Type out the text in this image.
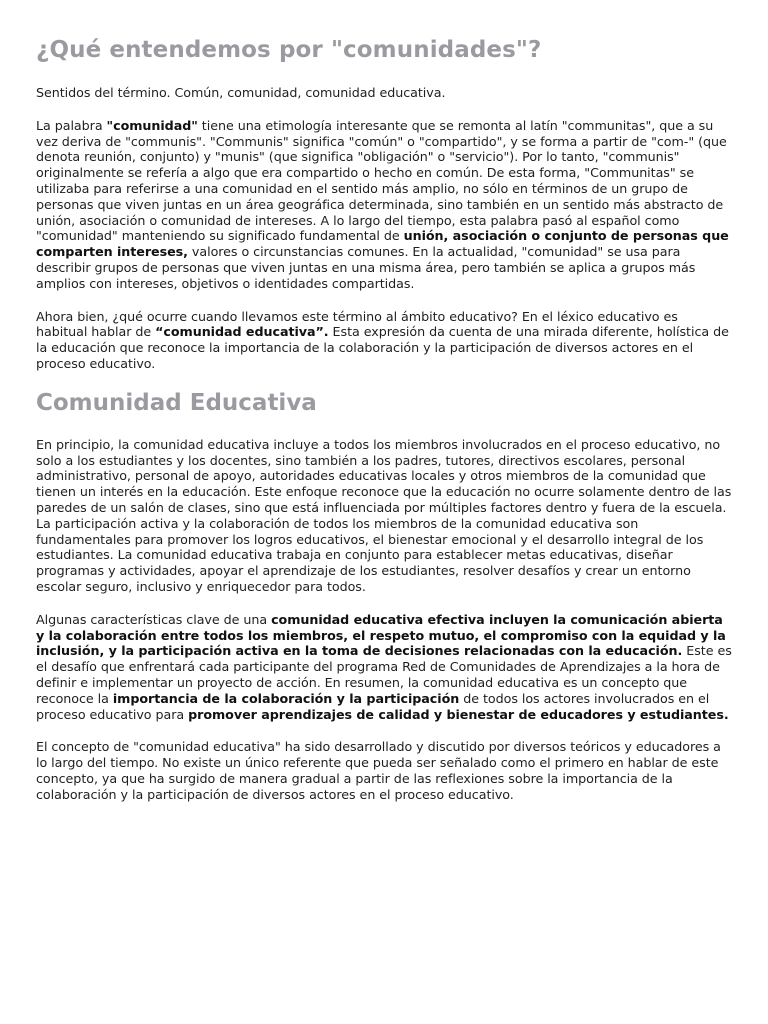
¿Qué entendemos por "comunidades"?

Sentidos del término. Común, comunidad, comunidad educativa.

La palabra "comunidad" tiene una etimología interesante que se remonta al latín "communitas", que a su vez deriva de "communis". "Communis" significa "común" o "compartido", y se forma a partir de "com-" (que denota reunión, conjunto) y "munis" (que significa "obligación" o "servicio"). Por lo tanto, "communis" originalmente se refería a algo que era compartido o hecho en común. De esta forma, "Communitas" se utilizaba para referirse a una comunidad en el sentido más amplio, no sólo en términos de un grupo de personas que viven juntas en un área geográfica determinada, sino también en un sentido más abstracto de unión, asociación o comunidad de intereses. A lo largo del tiempo, esta palabra pasó al español como "comunidad" manteniendo su significado fundamental de unión, asociación o conjunto de personas que comparten intereses, valores o circunstancias comunes. En la actualidad, "comunidad" se usa para describir grupos de personas que viven juntas en una misma área, pero también se aplica a grupos más amplios con intereses, objetivos o identidades compartidas.

Ahora bien, ¿qué ocurre cuando llevamos este término al ámbito educativo? En el léxico educativo es habitual hablar de “comunidad educativa”. Esta expresión da cuenta de una mirada diferente, holística de la educación que reconoce la importancia de la colaboración y la participación de diversos actores en el proceso educativo.

Comunidad Educativa

En principio, la comunidad educativa incluye a todos los miembros involucrados en el proceso educativo, no solo a los estudiantes y los docentes, sino también a los padres, tutores, directivos escolares, personal administrativo, personal de apoyo, autoridades educativas locales y otros miembros de la comunidad que tienen un interés en la educación. Este enfoque reconoce que la educación no ocurre solamente dentro de las paredes de un salón de clases, sino que está influenciada por múltiples factores dentro y fuera de la escuela. La participación activa y la colaboración de todos los miembros de la comunidad educativa son fundamentales para promover los logros educativos, el bienestar emocional y el desarrollo integral de los estudiantes. La comunidad educativa trabaja en conjunto para establecer metas educativas, diseñar programas y actividades, apoyar el aprendizaje de los estudiantes, resolver desafíos y crear un entorno escolar seguro, inclusivo y enriquecedor para todos.

Algunas características clave de una comunidad educativa efectiva incluyen la comunicación abierta y la colaboración entre todos los miembros, el respeto mutuo, el compromiso con la equidad y la inclusión, y la participación activa en la toma de decisiones relacionadas con la educación. Este es el desafío que enfrentará cada participante del programa Red de Comunidades de Aprendizajes a la hora de definir e implementar un proyecto de acción. En resumen, la comunidad educativa es un concepto que reconoce la importancia de la colaboración y la participación de todos los actores involucrados en el proceso educativo para promover aprendizajes de calidad y bienestar de educadores y estudiantes.

El concepto de "comunidad educativa" ha sido desarrollado y discutido por diversos teóricos y educadores a lo largo del tiempo. No existe un único referente que pueda ser señalado como el primero en hablar de este concepto, ya que ha surgido de manera gradual a partir de las reflexiones sobre la importancia de la colaboración y la participación de diversos actores en el proceso educativo.
